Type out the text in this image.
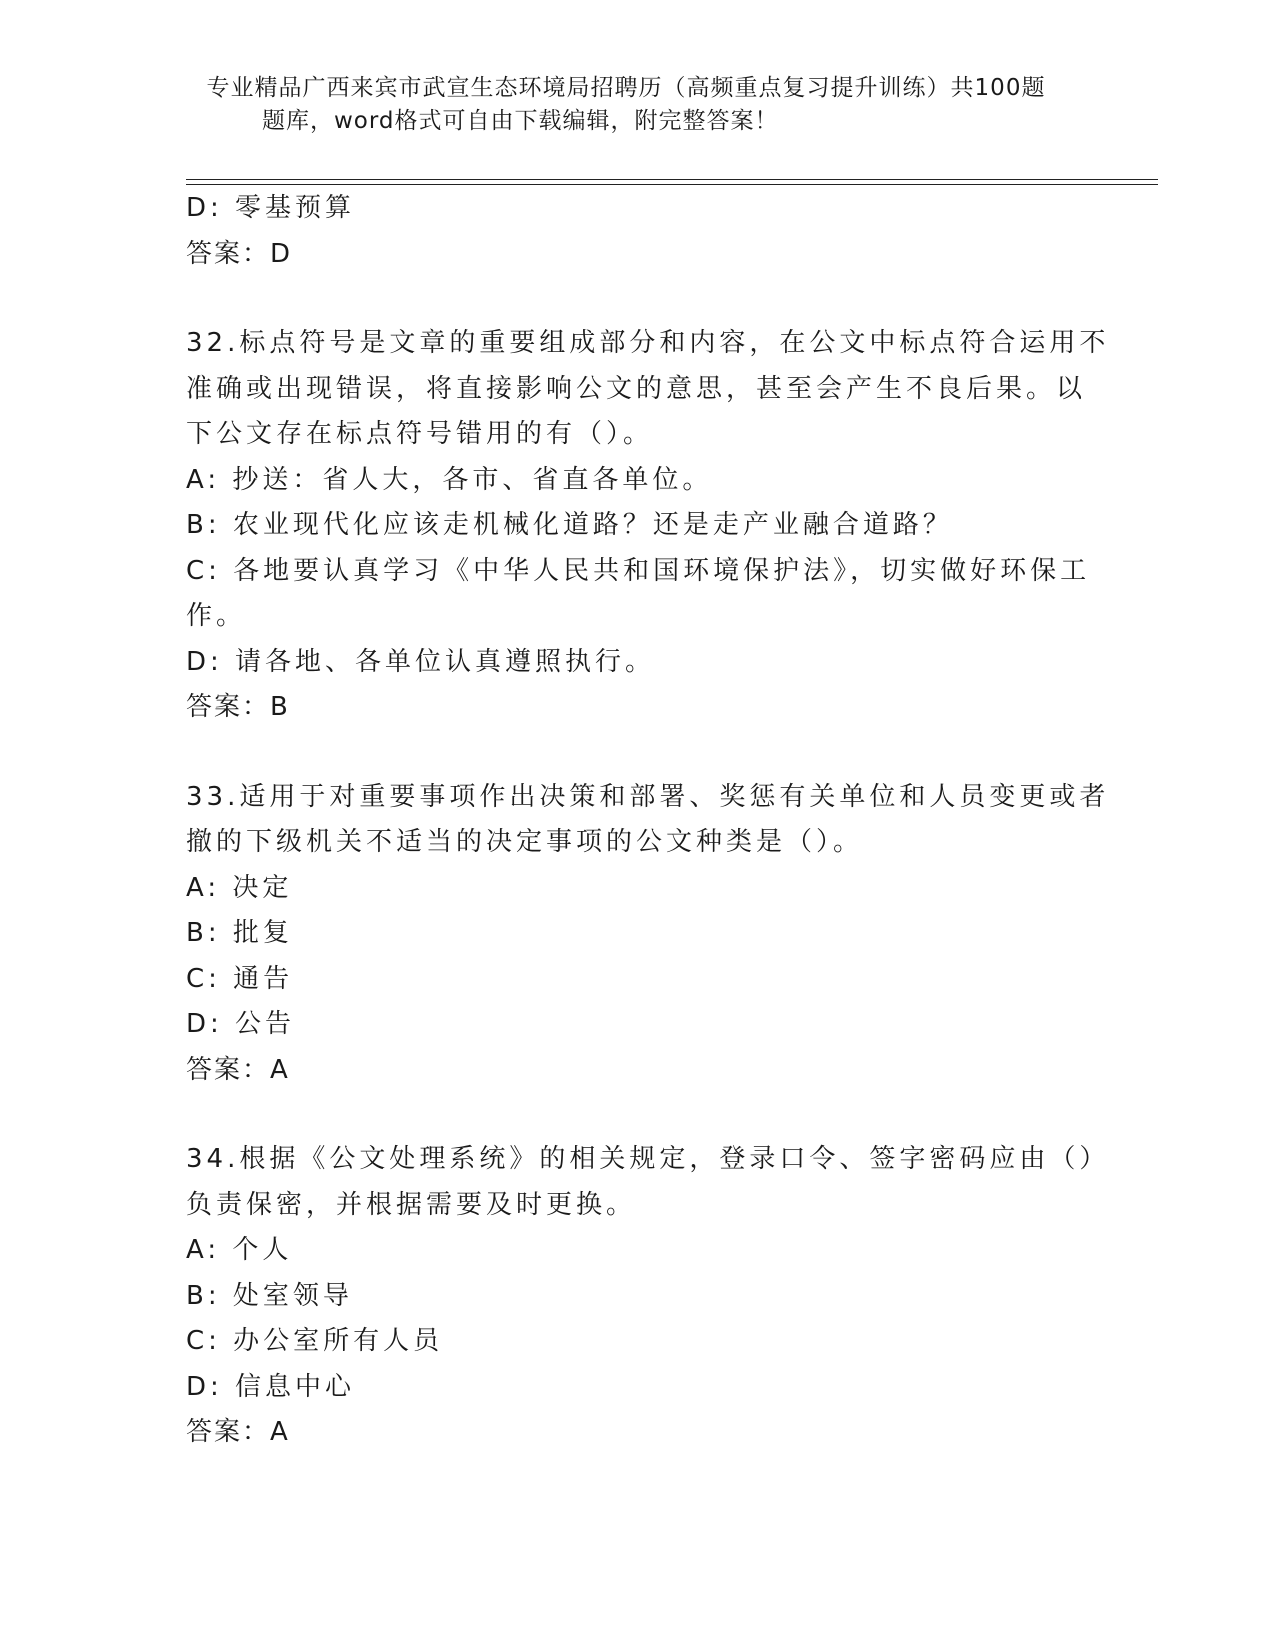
专业精品广西来宾市武宣生态环境局招聘历（高频重点复习提升训练）共100题
题库，word格式可自由下载编辑，附完整答案！
D: 零基预算
答案：D
32.标点符号是文章的重要组成部分和内容，在公文中标点符合运用不
准确或出现错误，将直接影响公文的意思，甚至会产生不良后果。以
下公文存在标点符号错用的有（）。
A: 抄送：省人大，各市、省直各单位。
B: 农业现代化应该走机械化道路？还是走产业融合道路？
C: 各地要认真学习《中华人民共和国环境保护法》，切实做好环保工
作。
D: 请各地、各单位认真遵照执行。
答案：B
33.适用于对重要事项作出决策和部署、奖惩有关单位和人员变更或者
撤的下级机关不适当的决定事项的公文种类是（）。
A: 决定
B: 批复
C: 通告
D: 公告
答案：A
34.根据《公文处理系统》的相关规定，登录口令、签字密码应由（）
负责保密，并根据需要及时更换。
A: 个人
B: 处室领导
C: 办公室所有人员
D: 信息中心
答案：A
